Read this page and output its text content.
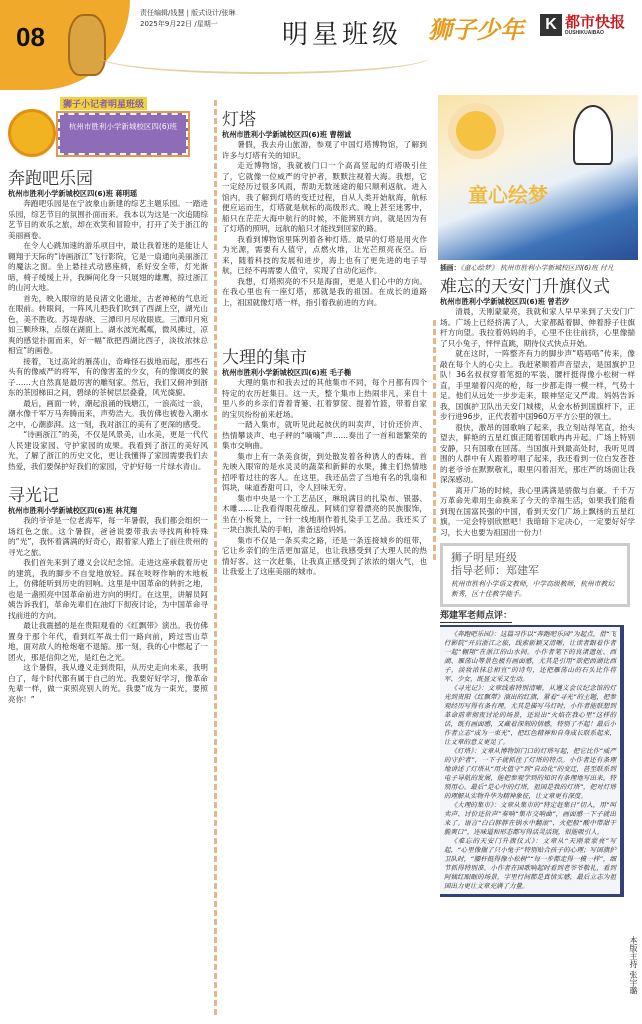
08
责任编辑/钱慧 | 版式设计/张琳
2025年9月22日 /星期一	明星班级 狮子少年	K 都市快报
DUSHIKUAIBAO
狮子小记者明星班级
杭州市胜利小学新城校区四(6)班
奔跑吧乐园
杭州市胜利小学新城校区四(6)班 蒋明瑶

奔跑吧乐园是在宁波象山新建的综艺主题乐园。一踏进乐园，综艺节目的氛围扑面而来。我本以为这是一次追随综艺节目的欢乐之旅，却在欢笑和冒险中，打开了关于浙江的美丽画卷。

在令人心跳加速的游乐项目中，最让我着迷的是能让人翱翔于天际的“诗画浙江”飞行影院，它是一扇通向美丽浙江的魔法之窗。坐上悬挂式动感座椅，系好安全带，灯光渐暗，椅子缓缓上升，我瞬间化身一只展翅的雄鹰，掠过浙江的山河大地。

首先，映入眼帘的是良渚文化遗址，古老神秘的气息近在眼前。转眼间，一阵风儿把我们吹到了西湖上空，湖光山色，美不胜收。苏堤春晓、三潭印月尽收眼底。三潭印月宛如三颗珍珠，点缀在湖面上。湖水波光粼粼，微风拂过，凉爽的感觉扑面而来，好一幅“欲把西湖比西子，淡妆浓抹总相宜”的画卷。

接着，飞过高耸的雁荡山，奇峰怪石拔地而起，那些石头有的像威严的将军，有的像害羞的少女，有的像调皮的猴子……大自然真是最厉害的雕刻家。然后，我们又俯冲到浙东的茶园梯田之间，碧绿的茶树层层叠叠，风光旖旎。

最后，画面一转，潮起浪涌的钱塘江，一浪高过一浪，潮水像千军万马奔腾而来，声势浩大。我仿佛也被卷入潮水之中，心潮澎湃。这一刻，我对浙江的美有了更深的感受。

“诗画浙江”的美，不仅是风景美，山水美，更是一代代人民建设家园、守护家园的成果。我看到了浙江的美好风光，了解了浙江的历史文化，更让我懂得了家园需要我们去热爱，我们要保护好我们的家园，守护好每一片绿水青山。

寻光记
杭州市胜利小学新城校区四(6)班 林芃翔

我的爷爷是一位老海军，每一年暑假，我们都会组织一场红色之旅。这个暑假，爸爸说要带我去寻找两种特殊的“光”，我怀着满满的好奇心，跟着家人踏上了前往贵州的寻光之旅。

我们首先来到了遵义会议纪念馆。走进这座承载着历史的建筑，我的脚步不自觉地放轻。踩在吱呀作响的木地板上，仿佛能听到历史的回响。这里是中国革命的转折之地，也是一盏照亮中国革命前进方向的明灯。在这里，讲解员阿姨告诉我们，革命先辈们在油灯下彻夜讨论，为中国革命寻找前进的方向。

最让我震撼的是在贵阳观看的《红飘带》演出。我仿佛置身于那个年代，看到红军战士们一路向前，跨过雪山草地，面对敌人的枪炮毫不退缩。那一刻，我的心中燃起了一团火，那是信仰之光，是红色之光。

这个暑假，我从遵义走到贵阳，从历史走向未来，我明白了，每个时代都有属于自己的光。我要好好学习，像革命先辈一样，做一束照亮别人的光。我要“成为一束光，要照亮你！”

灯塔
杭州市胜利小学新城校区四(6)班 曹栩诚

暑假，我去舟山旅游，参观了中国灯塔博物馆，了解到许多与灯塔有关的知识。

走近博物馆，我就被门口一个高高竖起的灯塔吸引住了，它就像一位威严的守护者，默默注视着大海。我想，它一定经历过很多风雨，帮助无数迷途的船只顺利返航。进入馆内，我了解到灯塔的变迁过程，自从人类开始航海，航标便应运而生，灯塔就是航标的高级形式。晚上甚至迷雾中，船只在茫茫大海中航行的时候，不能辨别方向，就是因为有了灯塔的照明，远航的船只才能找到回家的路。

我看到博物馆里陈列着各种灯塔。最早的灯塔是用火作为光源，需要有人值守，点燃火堆，让光芒照亮夜空。后来，随着科技的发展和进步，海上也有了更先进的电子导航，已经不再需要人值守，实现了自动化运作。

我想，灯塔照亮的不只是海面，更是人们心中的方向。在我心里也有一座灯塔，那就是我的祖国。在成长的道路上，祖国就像灯塔一样，指引着我前进的方向。

大理的集市
杭州市胜利小学新城校区四(6)班 毛子椭

大理的集市和我去过的其他集市不同，每个月都有四个特定的农历赶集日。这一天，整个集市上热闹非凡，来自十里八乡的乡亲们背着背篓、扛着箩筐、提着竹篮，带着自家的宝贝纷纷前来赶场。

一踏入集市，就听见此起彼伏的叫卖声、讨价还价声、热情攀谈声、电子秤的“嘀嘀”声……奏出了一首和谐繁荣的集市交响曲。

集市上有一条美食街，到处散发着各种诱人的香味。首先映入眼帘的是水灵灵的蔬菜和新鲜的水果，摊主们热情地招呼着过往的客人。在这里，我还品尝了当地有名的乳扇和饵块，味道香甜可口，令人回味无穷。

集市中央是一个工艺品区，琳琅满目的扎染布、银器、木雕……让我看得眼花缭乱。阿姨们穿着漂亮的民族服饰，坐在小板凳上，一针一线地制作着扎染手工艺品。我还买了一块白族扎染的手帕，准备送给妈妈。

集市不仅是一条买卖之路，还是一条连接城乡的纽带，它让乡亲们的生活更加富足，也让我感受到了大理人民的热情好客。这一次赶集，让我真正感受到了浓浓的烟火气，也让我爱上了这座美丽的城市。

童心绘梦
插画：《童心绘梦》 杭州市胜利小学新城校区四(6)班 付凡
难忘的天安门升旗仪式
杭州市胜利小学新城校区四(6)班 曾若汐

清晨，天刚蒙蒙亮，我就和家人早早来到了天安门广场。广场上已经挤满了人，大家都踮着脚、伸着脖子往旗杆方向望。我拉着妈妈的手，心里不住往前挤，心里像揣了只小兔子，怦怦直跳，期待仪式快点开始。

就在这时，一阵整齐有力的脚步声“嗒嗒嗒”传来，像敲在每个人的心尖上。我赶紧顺着声音望去，是国旗护卫队！36名叔叔穿着笔挺的军装，腰杆挺得像小松树一样直，手里端着闪亮的枪，每一步都走得一模一样，气势十足。他们从远处一步步走来，眼神坚定又严肃。妈妈告诉我，国旗护卫队出天安门城楼，从金水桥到国旗杆下，正步行进96步，正代表着中国960万平方公里的领土。

很快，激昂的国歌响了起来，我立刻站得笔直，抬头望去，鲜艳的五星红旗正随着国歌冉冉升起。广场上特别安静，只有国歌在回荡。当国旗升到最高处时，我听见周围的人群中有人跟着哼唱了起来，我还看到一位白发苍苍的老爷爷在默默敬礼，眼里闪着泪光，那庄严的场面让我深深感动。

离开广场的时候，我心里满满是骄傲与自豪。千千万万革命先辈用生命换来了今天的幸福生活，如果我们能看到现在国富民强的中国，看到天安门广场上飘扬的五星红旗，一定会特别欣慰吧！我暗暗下定决心，一定要好好学习，长大也要为祖国出一份力！

狮子明星班级
指导老师：郑建军
杭州市胜利小学语文教师，中学高级教师，杭州市教坛新秀，区十佳教学能手。
郑建军老师点评：

《奔跑吧乐园》：这篇习作以“奔跑吧乐园”为起点，借“飞行影院”开启浙江之旅，线索新颖又清晰，让读者跟着作者一起“翱翔”在浙江的山水间。小作者笔下的良渚遗址、西湖、雁荡山等景色极有画面感，尤其是引用“欲把西湖比西子，淡妆浓抹总相宜”的诗句，还把雁荡山的石头比作将军、少女，既显文采又生动。

《寻光记》：文章线索特别清晰，从遵义会议纪念馆的灯光到贵阳《红飘带》演出的红旗，紧着“寻光”的主题，把参观经历写得有条有理。尤其是描写马灯时，小作者能联想到革命前辈彻夜讨论的场景，还说出“火焰在我心里”这样的话，既有画面感，又藏着深刻的情感，特别了不起！最后小作者立志“成为一束光”，把红色精神和自身成长联系起来，让文章的意义更足了。

《灯塔》：文章从博物馆门口的灯塔写起，把它比作“威严的守护者”，一下子就抓住了灯塔的特点。小作者还有条理地讲述了灯塔从“用火值守”到“自动化”的变迁，甚至联系到电子导航的发展，能把参观学到的知识有条理地写出来，特别用心。最后“是心中的灯塔，祖国是我的灯塔”，把对灯塔的理解从实物升华为精神象征，让文章更有深度。

《大理的集市》：文章从集市的“特定赶集日”切入，用“叫卖声、讨价还价声”奏响“集市交响曲”，画面感一下子就出来了。语言“白白胖胖在锅水中翻滚”、火把般“酸中带甜干脆爽口”，连味道和形态都写得活灵活现，很能吸引人。

《难忘的天安门升旗仪式》：文章从“天刚蒙蒙亮”写起，“心里像揣了只小兔子”特别贴合孩子的心理；写国旗护卫队时，“腰杆挺得像小松树”“每一步都走得一模一样”，细节抓得特别准。小作者在国歌响起时看到老爷爷敬礼，看到阿姨红眼眶的场景，字里行间都是真情实感，最后立志为祖国出力更让文章充满了力量。

本版主持 张宇璐
